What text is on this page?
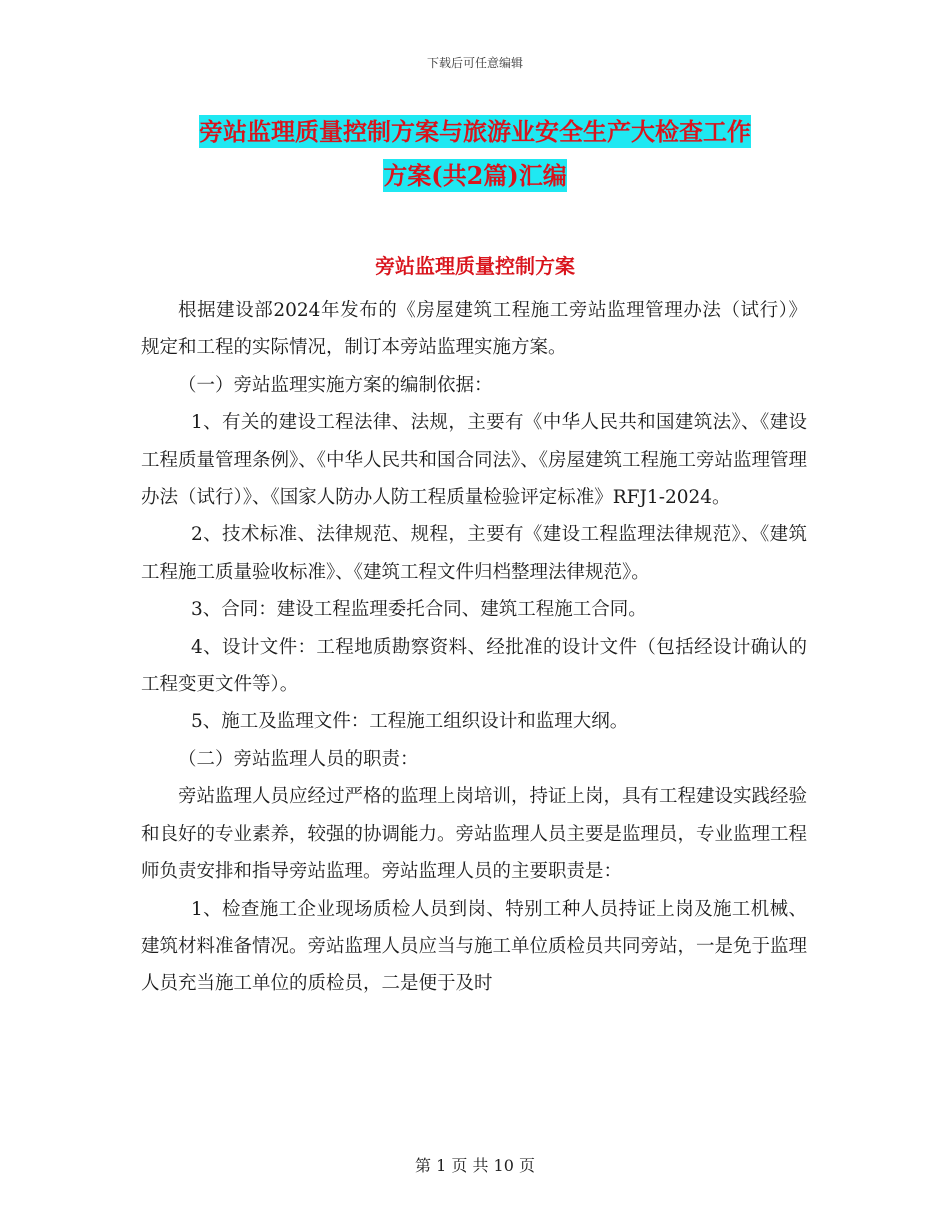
下载后可任意编辑
旁站监理质量控制方案与旅游业安全生产大检查工作
方案(共2篇)汇编
旁站监理质量控制方案

根据建设部2024年发布的《房屋建筑工程施工旁站监理管理办法（试行）》规定和工程的实际情况，制订本旁站监理实施方案。

（一）旁站监理实施方案的编制依据：

1、有关的建设工程法律、法规，主要有《中华人民共和国建筑法》、《建设工程质量管理条例》、《中华人民共和国合同法》、《房屋建筑工程施工旁站监理管理办法（试行）》、《国家人防办人防工程质量检验评定标准》RFJ1-2024。

2、技术标准、法律规范、规程，主要有《建设工程监理法律规范》、《建筑工程施工质量验收标准》、《建筑工程文件归档整理法律规范》。

3、合同：建设工程监理委托合同、建筑工程施工合同。

4、设计文件：工程地质勘察资料、经批准的设计文件（包括经设计确认的工程变更文件等）。

5、施工及监理文件：工程施工组织设计和监理大纲。

（二）旁站监理人员的职责：

旁站监理人员应经过严格的监理上岗培训，持证上岗，具有工程建设实践经验和良好的专业素养，较强的协调能力。旁站监理人员主要是监理员，专业监理工程师负责安排和指导旁站监理。旁站监理人员的主要职责是：

1、检查施工企业现场质检人员到岗、特别工种人员持证上岗及施工机械、建筑材料准备情况。旁站监理人员应当与施工单位质检员共同旁站，一是免于监理人员充当施工单位的质检员，二是便于及时

第 1 页 共 10 页
